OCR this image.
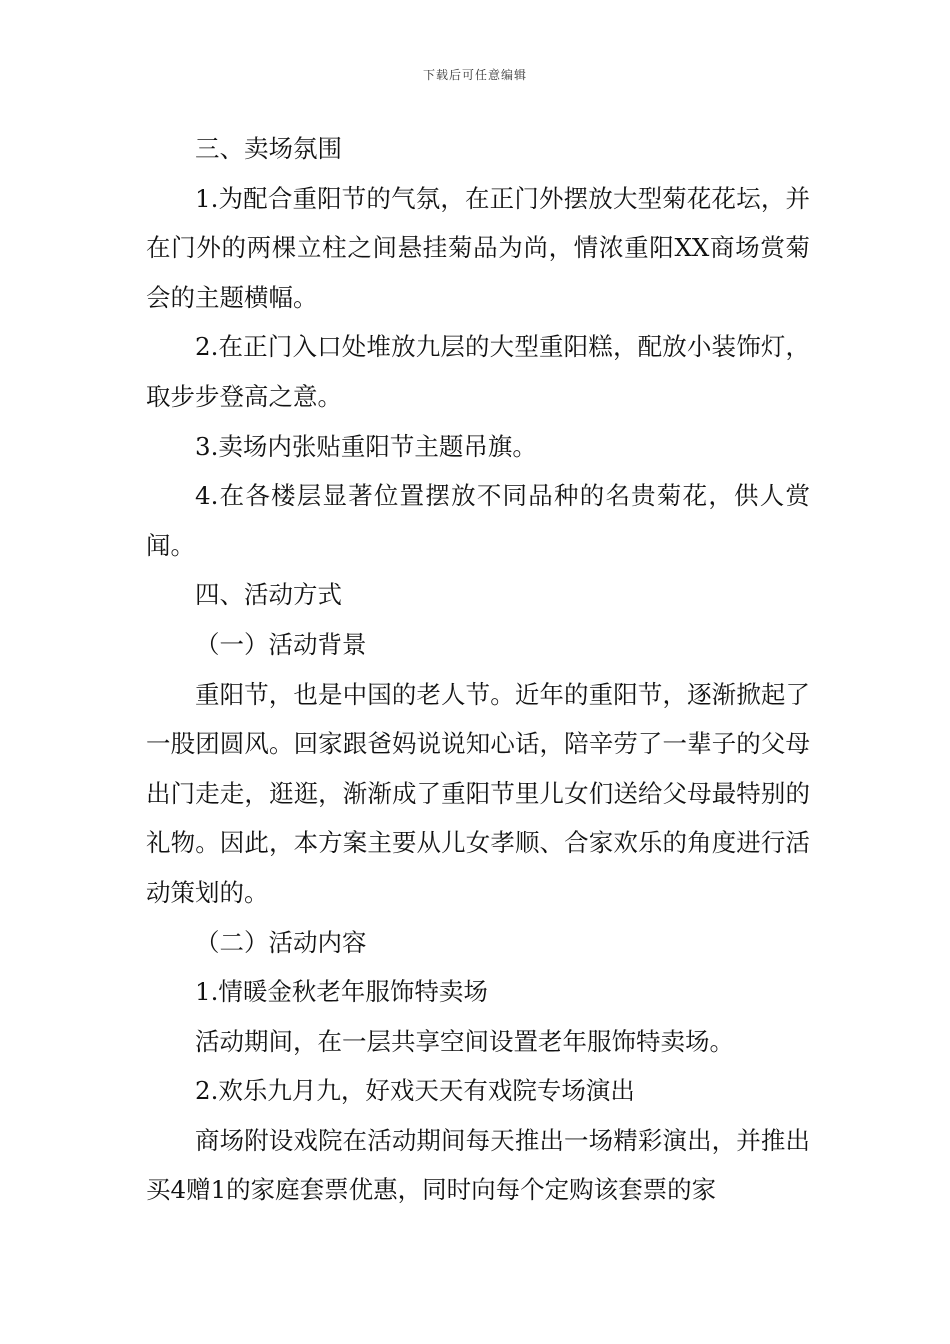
下载后可任意编辑

三、卖场氛围

1.为配合重阳节的气氛，在正门外摆放大型菊花花坛，并在门外的两棵立柱之间悬挂菊品为尚，情浓重阳XX商场赏菊会的主题横幅。

2.在正门入口处堆放九层的大型重阳糕，配放小装饰灯，取步步登高之意。

3.卖场内张贴重阳节主题吊旗。

4.在各楼层显著位置摆放不同品种的名贵菊花，供人赏闻。

四、活动方式

（一）活动背景

重阳节，也是中国的老人节。近年的重阳节，逐渐掀起了一股团圆风。回家跟爸妈说说知心话，陪辛劳了一辈子的父母出门走走，逛逛，渐渐成了重阳节里儿女们送给父母最特别的礼物。因此，本方案主要从儿女孝顺、合家欢乐的角度进行活动策划的。

（二）活动内容

1.情暖金秋老年服饰特卖场

活动期间，在一层共享空间设置老年服饰特卖场。

2.欢乐九月九，好戏天天有戏院专场演出

商场附设戏院在活动期间每天推出一场精彩演出，并推出买4赠1的家庭套票优惠，同时向每个定购该套票的家
